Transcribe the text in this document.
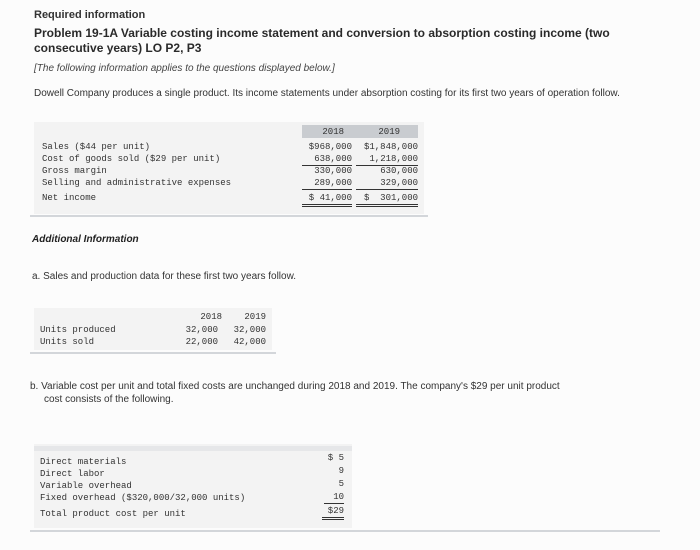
Required information
Problem 19-1A Variable costing income statement and conversion to absorption costing income (two consecutive years) LO P2, P3
[The following information applies to the questions displayed below.]
Dowell Company produces a single product. Its income statements under absorption costing for its first two years of operation follow.
2018	2019
Sales ($44 per unit)
Cost of goods sold ($29 per unit)
Gross margin
Selling and administrative expenses
Net income
$968,000
638,000
330,000
289,000
$ 41,000
$1,848,000
1,218,000
630,000
329,000
$  301,000
Additional Information
a. Sales and production data for these first two years follow.
2018	2019
Units produced
Units sold
32,000
22,000
32,000
42,000
b. Variable cost per unit and total fixed costs are unchanged during 2018 and 2019. The company's $29 per unit product
cost consists of the following.
Direct materials
Direct labor
Variable overhead
Fixed overhead ($320,000/32,000 units)
Total product cost per unit
$ 5
9
5
10
$29
